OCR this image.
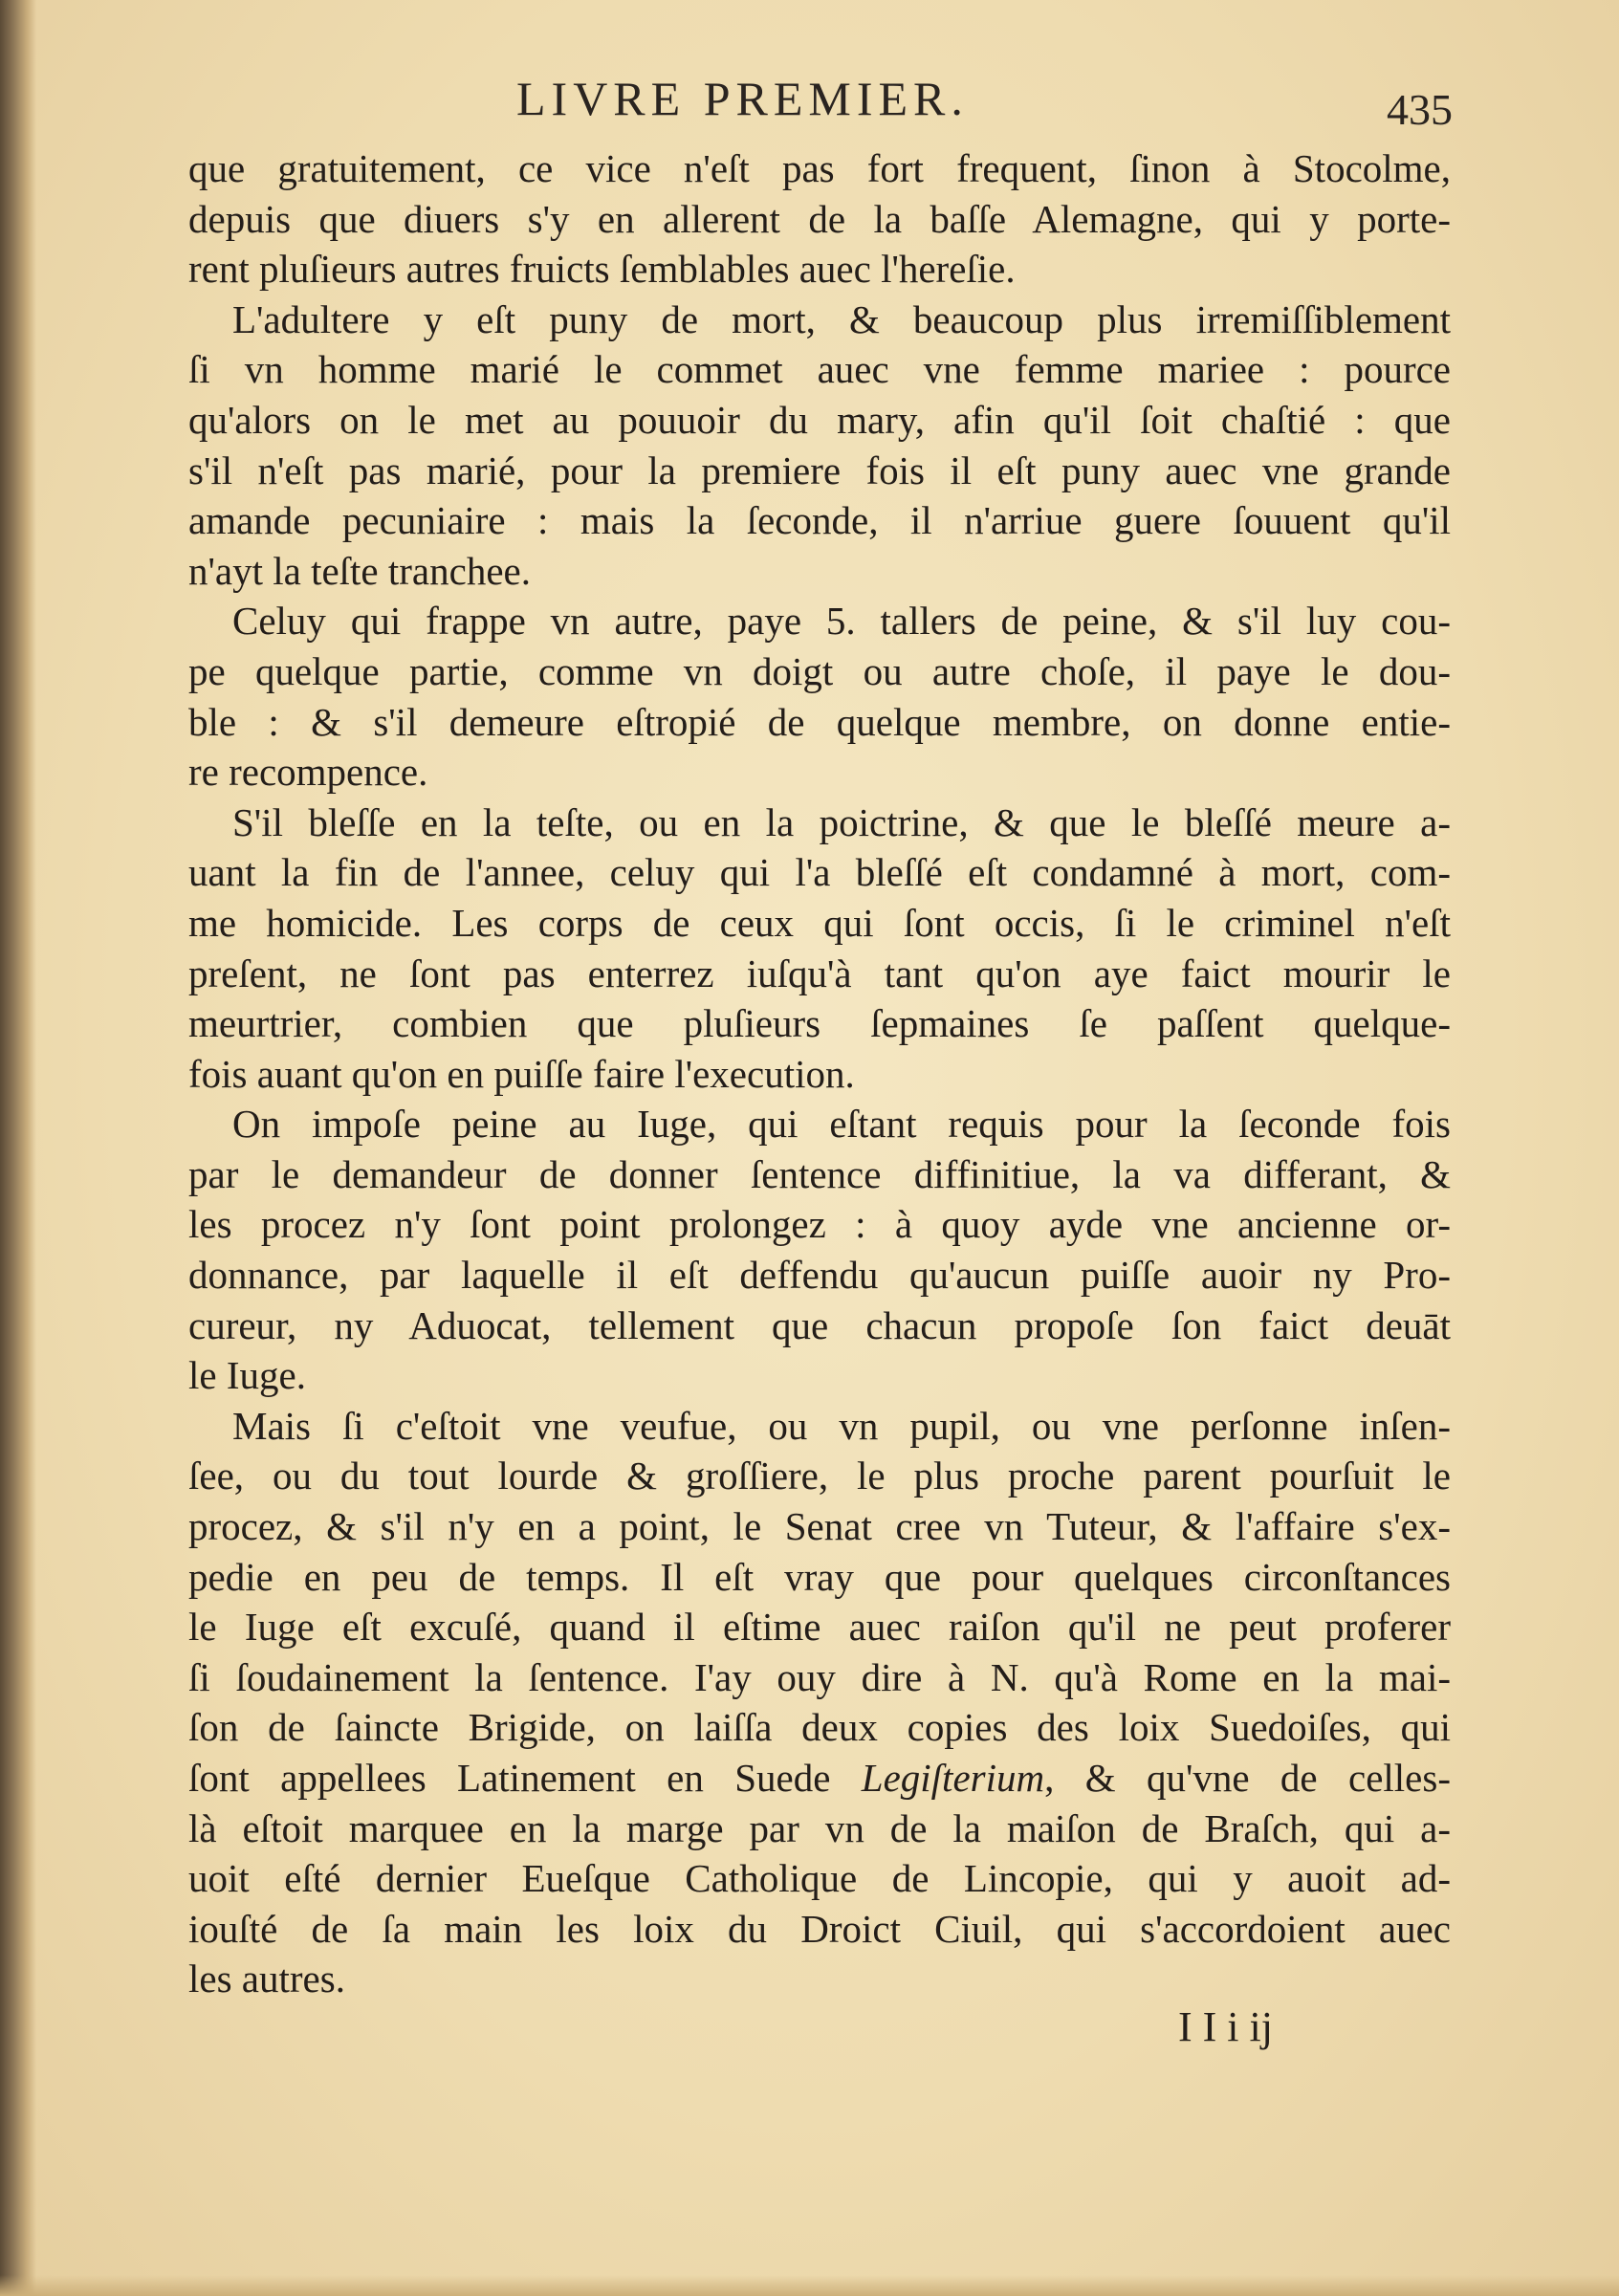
LIVRE PREMIER.	435
que gratuitement, ce vice n'eſt pas fort frequent, ſinon à Stocolme,
depuis que diuers s'y en allerent de la baſſe Alemagne, qui y porte-
rent pluſieurs autres fruicts ſemblables auec l'hereſie.
L'adultere y eſt puny de mort, & beaucoup plus irremiſſiblement
ſi vn homme marié le commet auec vne femme mariee : pource
qu'alors on le met au pouuoir du mary, afin qu'il ſoit chaſtié : que
s'il n'eſt pas marié, pour la premiere fois il eſt puny auec vne grande
amande pecuniaire : mais la ſeconde, il n'arriue guere ſouuent qu'il
n'ayt la teſte tranchee.
Celuy qui frappe vn autre, paye 5. tallers de peine, & s'il luy cou-
pe quelque partie, comme vn doigt ou autre choſe, il paye le dou-
ble : & s'il demeure eſtropié de quelque membre, on donne entie-
re recompence.
S'il bleſſe en la teſte, ou en la poictrine, & que le bleſſé meure a-
uant la fin de l'annee, celuy qui l'a bleſſé eſt condamné à mort, com-
me homicide. Les corps de ceux qui ſont occis, ſi le criminel n'eſt
preſent, ne ſont pas enterrez iuſqu'à tant qu'on aye faict mourir le
meurtrier, combien que pluſieurs ſepmaines ſe paſſent quelque-
fois auant qu'on en puiſſe faire l'execution.
On impoſe peine au Iuge, qui eſtant requis pour la ſeconde fois
par le demandeur de donner ſentence diffinitiue, la va differant, &
les procez n'y ſont point prolongez : à quoy ayde vne ancienne or-
donnance, par laquelle il eſt deffendu qu'aucun puiſſe auoir ny Pro-
cureur, ny Aduocat, tellement que chacun propoſe ſon faict deuāt
le Iuge.
Mais ſi c'eſtoit vne veufue, ou vn pupil, ou vne perſonne inſen-
ſee, ou du tout lourde & groſſiere, le plus proche parent pourſuit le
procez, & s'il n'y en a point, le Senat cree vn Tuteur, & l'affaire s'ex-
pedie en peu de temps. Il eſt vray que pour quelques circonſtances
le Iuge eſt excuſé, quand il eſtime auec raiſon qu'il ne peut proferer
ſi ſoudainement la ſentence. I'ay ouy dire à N. qu'à Rome en la mai-
ſon de ſaincte Brigide, on laiſſa deux copies des loix Suedoiſes, qui
ſont appellees Latinement en Suede Legiſterium, & qu'vne de celles-
là eſtoit marquee en la marge par vn de la maiſon de Braſch, qui a-
uoit eſté dernier Eueſque Catholique de Lincopie, qui y auoit ad-
iouſté de ſa main les loix du Droict Ciuil, qui s'accordoient auec
les autres.
I I i ij
